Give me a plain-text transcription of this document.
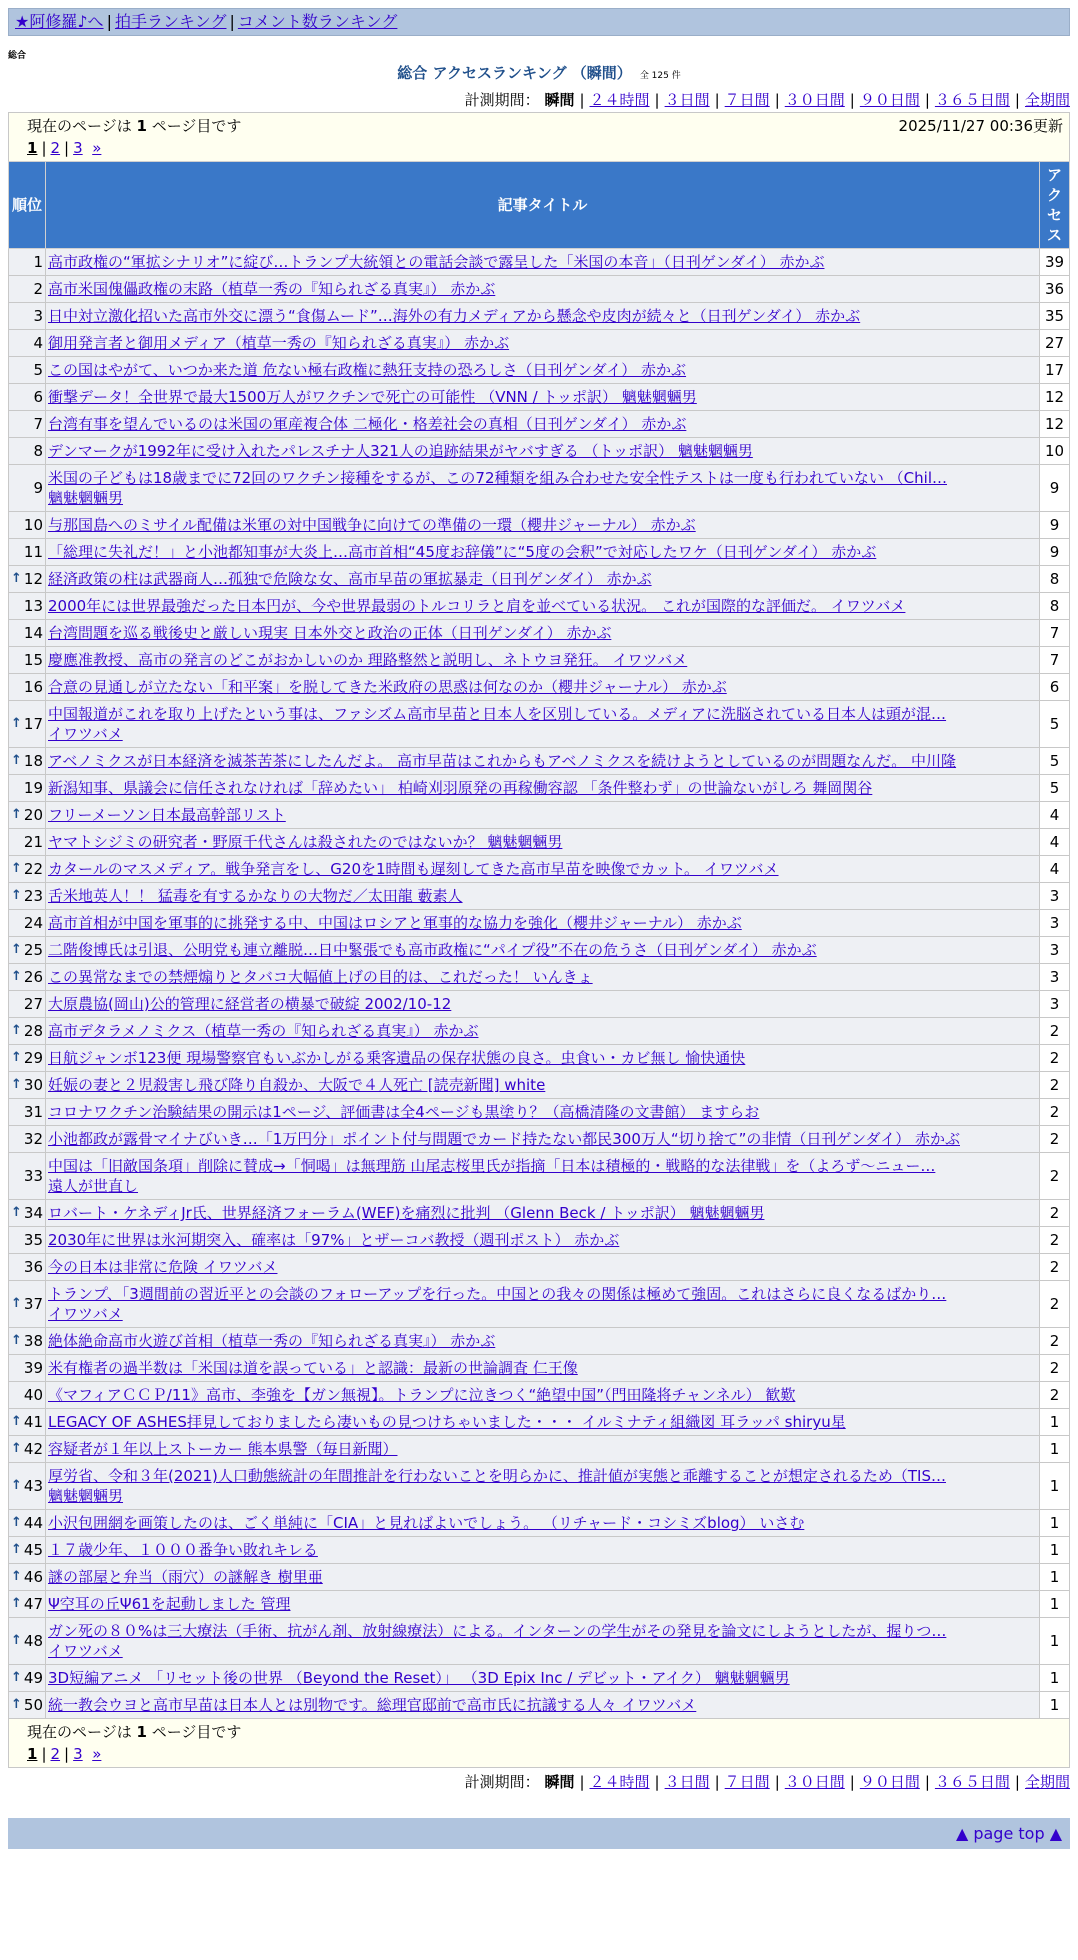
★阿修羅♪へ | 拍手ランキング | コメント数ランキング
総合
総合 アクセスランキング （瞬間） 全 125 件
計測期間： 瞬間 | ２４時間 | ３日間 | ７日間 | ３０日間 | ９０日間 | ３６５日間 | 全期間
現在のページは 1 ページ目です	2025/11/27 00:36更新
1 | 2 | 3 »
順位	記事タイトル	アクセス
1	高市政権の“軍拡シナリオ”に綻び…トランプ大統領との電話会談で露呈した「米国の本音」（日刊ゲンダイ） 赤かぶ	39
2	高市米国傀儡政権の末路（植草一秀の『知られざる真実』） 赤かぶ	36
3	日中対立激化招いた高市外交に漂う“食傷ムード”…海外の有力メディアから懸念や皮肉が続々と（日刊ゲンダイ） 赤かぶ	35
4	御用発言者と御用メディア（植草一秀の『知られざる真実』） 赤かぶ	27
5	この国はやがて、いつか来た道 危ない極右政権に熱狂支持の恐ろしさ（日刊ゲンダイ） 赤かぶ	17
6	衝撃データ！全世界で最大1500万人がワクチンで死亡の可能性 （VNN / トッポ訳） 魑魅魍魎男	12
7	台湾有事を望んでいるのは米国の軍産複合体 二極化・格差社会の真相（日刊ゲンダイ） 赤かぶ	12
8	デンマークが1992年に受け入れたパレスチナ人321人の追跡結果がヤバすぎる （トッポ訳） 魑魅魍魎男	10
9	米国の子どもは18歳までに72回のワクチン接種をするが、この72種類を組み合わせた安全性テストは一度も行われていない （Chil…
魑魅魍魎男	9
10	与那国島へのミサイル配備は米軍の対中国戦争に向けての準備の一環（櫻井ジャーナル） 赤かぶ	9
11	「総理に失礼だ！」と小池都知事が大炎上…高市首相“45度お辞儀”に“5度の会釈”で対応したワケ（日刊ゲンダイ） 赤かぶ	9

↑ 12	経済政策の柱は武器商人…孤独で危険な女、高市早苗の軍拡暴走（日刊ゲンダイ） 赤かぶ	8
13	2000年には世界最強だった日本円が、今や世界最弱のトルコリラと肩を並べている状況。 これが国際的な評価だ。 イワツバメ	8
14	台湾問題を巡る戦後史と厳しい現実 日本外交と政治の正体（日刊ゲンダイ） 赤かぶ	7
15	慶應准教授、高市の発言のどこがおかしいのか 理路整然と説明し、ネトウヨ発狂。 イワツバメ	7
16	合意の見通しが立たない「和平案」を脱してきた米政府の思惑は何なのか（櫻井ジャーナル） 赤かぶ	6

↑ 17	中国報道がこれを取り上げたという事は、ファシズム高市早苗と日本人を区別している。メディアに洗脳されている日本人は頭が混…
イワツバメ	5

↑ 18	アベノミクスが日本経済を滅茶苦茶にしたんだよ。 高市早苗はこれからもアベノミクスを続けようとしているのが問題なんだ。 中川隆	5
19	新潟知事、県議会に信任されなければ「辞めたい」 柏崎刈羽原発の再稼働容認 「条件整わず」の世論ないがしろ 舞岡関谷	5

↑ 20	フリーメーソン日本最高幹部リスト	4
21	ヤマトシジミの研究者・野原千代さんは殺されたのではないか？ 魑魅魍魎男	4

↑ 22	カタールのマスメディア。戦争発言をし、G20を1時間も遅刻してきた高市早苗を映像でカット。 イワツバメ	4

↑ 23	舌米地英人！！ 猛毒を有するかなりの大物だ／太田龍 藪素人	3
24	高市首相が中国を軍事的に挑発する中、中国はロシアと軍事的な協力を強化（櫻井ジャーナル） 赤かぶ	3

↑ 25	二階俊博氏は引退、公明党も連立離脱…日中緊張でも高市政権に“パイプ役”不在の危うさ（日刊ゲンダイ） 赤かぶ	3

↑ 26	この異常なまでの禁煙煽りとタバコ大幅値上げの目的は、これだった！ いんきょ	3
27	大原農協(岡山)公的管理に経営者の横暴で破綻 2002/10-12	3

↑ 28	高市デタラメノミクス（植草一秀の『知られざる真実』） 赤かぶ	2

↑ 29	日航ジャンボ123便 現場警察官もいぶかしがる乗客遺品の保存状態の良さ。虫食い・カビ無し 愉快通快	2

↑ 30	妊娠の妻と２児殺害し飛び降り自殺か、大阪で４人死亡 [読売新聞] white	2
31	コロナワクチン治験結果の開示は1ページ、評価書は全4ページも黒塗り？（高橋清隆の文書館） ますらお	2
32	小池都政が露骨マイナびいき…「1万円分」ポイント付与問題でカード持たない都民300万人“切り捨て”の非情（日刊ゲンダイ） 赤かぶ	2
33	中国は「旧敵国条項」削除に賛成→「恫喝」は無理筋 山尾志桜里氏が指摘「日本は積極的・戦略的な法律戦」を（よろず〜ニュー…
遠人が世直し	2

↑ 34	ロバート・ケネディJr氏、世界経済フォーラム(WEF)を痛烈に批判 （Glenn Beck / トッポ訳） 魑魅魍魎男	2
35	2030年に世界は氷河期突入、確率は「97%」とザーコバ教授（週刊ポスト） 赤かぶ	2
36	今の日本は非常に危険 イワツバメ	2

↑ 37	トランプ、「3週間前の習近平との会談のフォローアップを行った。中国との我々の関係は極めて強固。これはさらに良くなるばかり…
イワツバメ	2

↑ 38	絶体絶命高市火遊び首相（植草一秀の『知られざる真実』） 赤かぶ	2
39	米有権者の過半数は「米国は道を誤っている」と認識：最新の世論調査 仁王像	2
40	《マフィアＣＣＰ/11》高市、李強を【ガン無視】。トランプに泣きつく“絶望中国”（門田隆将チャンネル） 歓歎	2

↑ 41	LEGACY OF ASHES拝見しておりましたら凄いもの見つけちゃいました・・・ イルミナティ組織図 耳ラッパ shiryu星	1

↑ 42	容疑者が１年以上ストーカー 熊本県警（毎日新聞）	1

↑ 43	厚労省、令和３年(2021)人口動態統計の年間推計を行わないことを明らかに、推計値が実態と乖離することが想定されるため（TIS…
魑魅魍魎男	1

↑ 44	小沢包囲網を画策したのは、ごく単純に「CIA」と見ればよいでしょう。 （リチャード・コシミズblog） いさむ	1

↑ 45	１７歳少年、１０００番争い敗れキレる	1

↑ 46	謎の部屋と弁当（雨穴）の謎解き 樹里亜	1

↑ 47	Ψ空耳の丘Ψ61を起動しました 管理	1

↑ 48	ガン死の８０%は三大療法（手術、抗がん剤、放射線療法）による。インターンの学生がその発見を論文にしようとしたが、握りつ…
イワツバメ	1

↑ 49	3D短編アニメ 「リセット後の世界 （Beyond the Reset）」 （3D Epix Inc / デビット・アイク） 魑魅魍魎男	1

↑ 50	統一教会ウヨと高市早苗は日本人とは別物です。総理官邸前で高市氏に抗議する人々 イワツバメ	1
現在のページは 1 ページ目です
1 | 2 | 3 »
計測期間： 瞬間 | ２４時間 | ３日間 | ７日間 | ３０日間 | ９０日間 | ３６５日間 | 全期間
▲ page top ▲
